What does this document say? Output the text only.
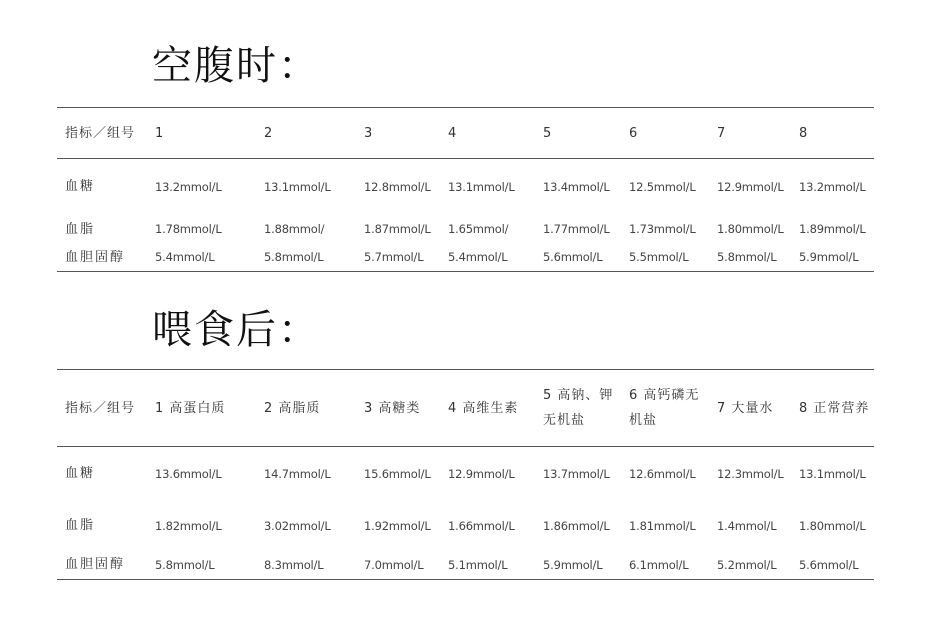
空腹时：
指标／组号	1	2	3	4	5	6	7	8
血糖	13.2mmol/L	13.1mmol/L	12.8mmol/L	13.1mmol/L	13.4mmol/L	12.5mmol/L	12.9mmol/L	13.2mmol/L
血脂	1.78mmol/L	1.88mmol/	1.87mmol/L	1.65mmol/	1.77mmol/L	1.73mmol/L	1.80mmol/L	1.89mmol/L
血胆固醇	5.4mmol/L	5.8mmol/L	5.7mmol/L	5.4mmol/L	5.6mmol/L	5.5mmol/L	5.8mmol/L	5.9mmol/L
喂食后：
指标／组号	1 高蛋白质	2 高脂质	3 高糖类	4 高维生素	5 高钠、钾无机盐	6 高钙磷无机盐	7 大量水	8 正常营养
血糖	13.6mmol/L	14.7mmol/L	15.6mmol/L	12.9mmol/L	13.7mmol/L	12.6mmol/L	12.3mmol/L	13.1mmol/L
血脂	1.82mmol/L	3.02mmol/L	1.92mmol/L	1.66mmol/L	1.86mmol/L	1.81mmol/L	1.4mmol/L	1.80mmol/L
血胆固醇	5.8mmol/L	8.3mmol/L	7.0mmol/L	5.1mmol/L	5.9mmol/L	6.1mmol/L	5.2mmol/L	5.6mmol/L
